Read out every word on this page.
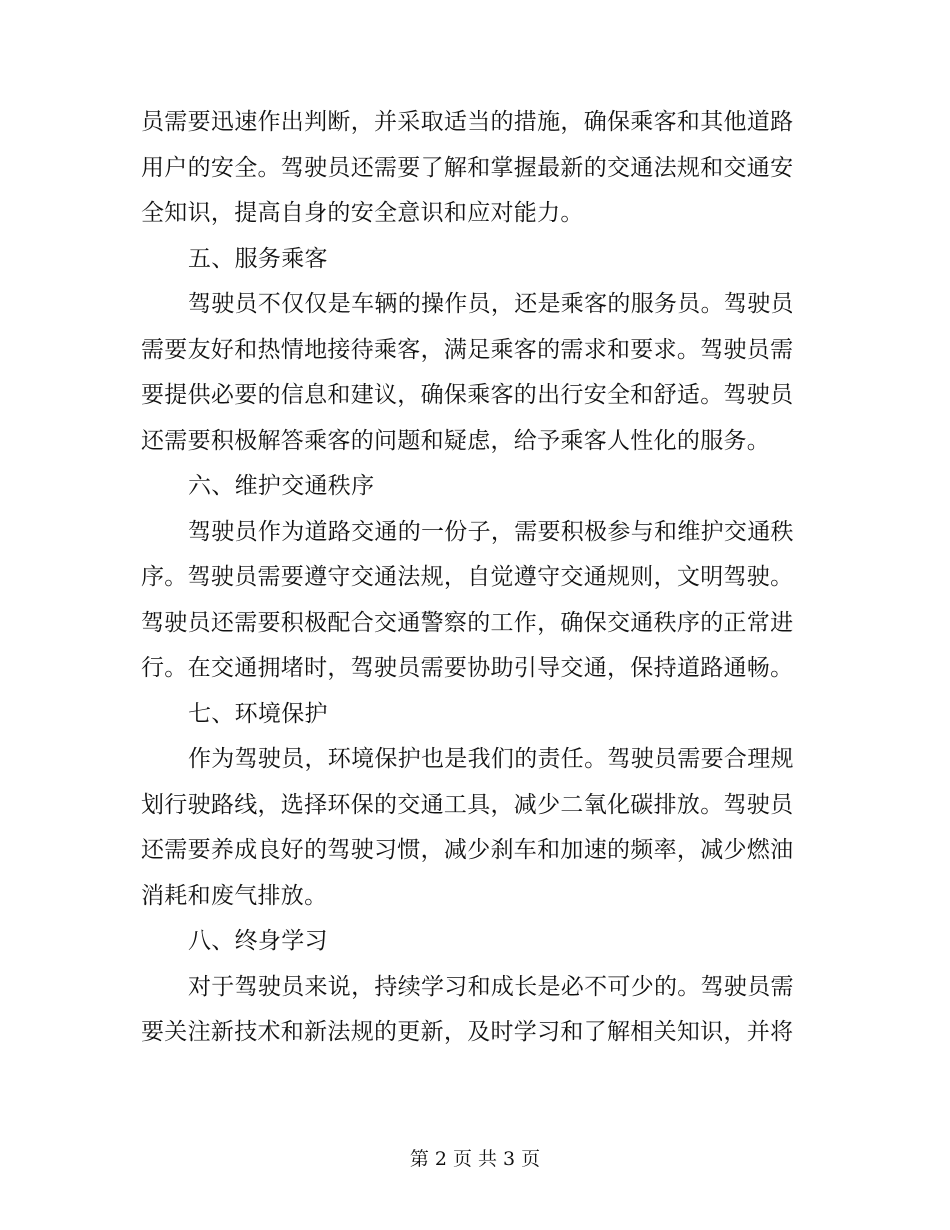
员需要迅速作出判断，并采取适当的措施，确保乘客和其他道路
用户的安全。驾驶员还需要了解和掌握最新的交通法规和交通安
全知识，提高自身的安全意识和应对能力。
五、服务乘客
驾驶员不仅仅是车辆的操作员，还是乘客的服务员。驾驶员
需要友好和热情地接待乘客，满足乘客的需求和要求。驾驶员需
要提供必要的信息和建议，确保乘客的出行安全和舒适。驾驶员
还需要积极解答乘客的问题和疑虑，给予乘客人性化的服务。
六、维护交通秩序
驾驶员作为道路交通的一份子，需要积极参与和维护交通秩
序。驾驶员需要遵守交通法规，自觉遵守交通规则，文明驾驶。
驾驶员还需要积极配合交通警察的工作，确保交通秩序的正常进
行。在交通拥堵时，驾驶员需要协助引导交通，保持道路通畅。
七、环境保护
作为驾驶员，环境保护也是我们的责任。驾驶员需要合理规
划行驶路线，选择环保的交通工具，减少二氧化碳排放。驾驶员
还需要养成良好的驾驶习惯，减少刹车和加速的频率，减少燃油
消耗和废气排放。
八、终身学习
对于驾驶员来说，持续学习和成长是必不可少的。驾驶员需
要关注新技术和新法规的更新，及时学习和了解相关知识，并将
第 2 页 共 3 页
